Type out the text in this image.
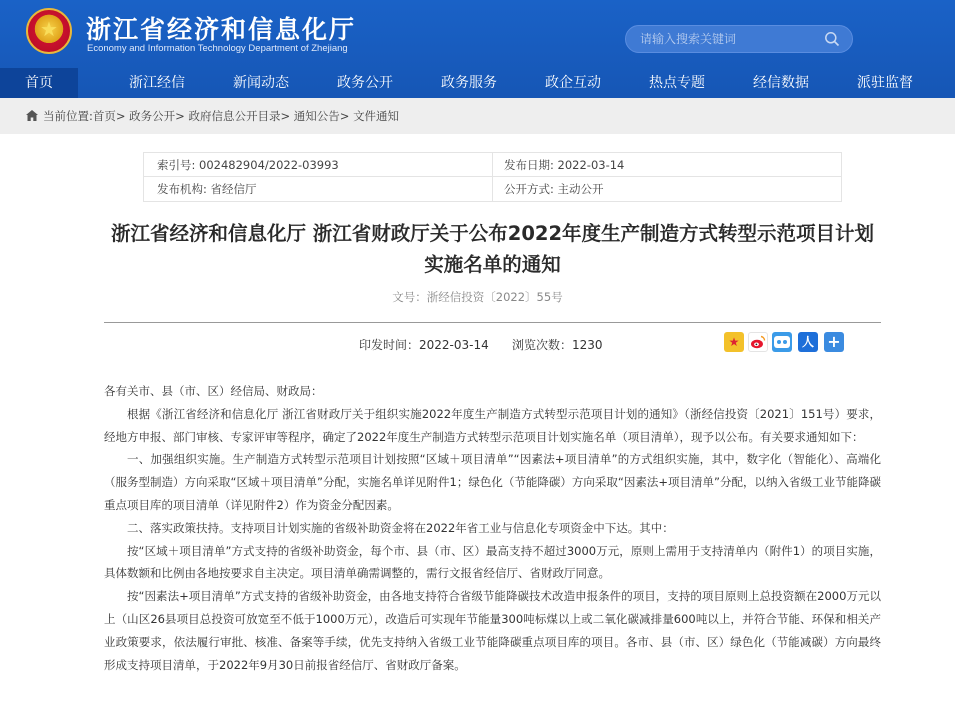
★	浙江省经济和信息化厅
Economy and Information Technology Department of Zhejiang
请输入搜索关键词
首页	浙江经信	新闻动态	政务公开	政务服务	政企互动	热点专题	经信数据	派驻监督
当前位置:首页> 政务公开> 政府信息公开目录> 通知公告> 文件通知
索引号: 002482904/2022-03993	发布日期: 2022-03-14
发布机构: 省经信厅	公开方式: 主动公开
浙江省经济和信息化厅 浙江省财政厅关于公布2022年度生产制造方式转型示范项目计划
实施名单的通知
文号：浙经信投资〔2022〕55号
印发时间：2022-03-14 浏览次数：1230	★	人 +

各有关市、县（市、区）经信局、财政局：

根据《浙江省经济和信息化厅 浙江省财政厅关于组织实施2022年度生产制造方式转型示范项目计划的通知》（浙经信投资〔2021〕151号）要求，经地方申报、部门审核、专家评审等程序，确定了2022年度生产制造方式转型示范项目计划实施名单（项目清单），现予以公布。有关要求通知如下：

一、加强组织实施。生产制造方式转型示范项目计划按照“区域＋项目清单”“因素法+项目清单”的方式组织实施，其中，数字化（智能化）、高端化（服务型制造）方向采取“区域＋项目清单”分配，实施名单详见附件1；绿色化（节能降碳）方向采取“因素法+项目清单”分配，以纳入省级工业节能降碳重点项目库的项目清单（详见附件2）作为资金分配因素。

二、落实政策扶持。支持项目计划实施的省级补助资金将在2022年省工业与信息化专项资金中下达。其中：

按“区域＋项目清单”方式支持的省级补助资金，每个市、县（市、区）最高支持不超过3000万元，原则上需用于支持清单内（附件1）的项目实施，具体数额和比例由各地按要求自主决定。项目清单确需调整的，需行文报省经信厅、省财政厅同意。

按“因素法+项目清单”方式支持的省级补助资金，由各地支持符合省级节能降碳技术改造申报条件的项目，支持的项目原则上总投资额在2000万元以上（山区26县项目总投资可放宽至不低于1000万元），改造后可实现年节能量300吨标煤以上或二氧化碳减排量600吨以上，并符合节能、环保和相关产业政策要求，依法履行审批、核准、备案等手续，优先支持纳入省级工业节能降碳重点项目库的项目。各市、县（市、区）绿色化（节能减碳）方向最终形成支持项目清单，于2022年9月30日前报省经信厅、省财政厅备案。
